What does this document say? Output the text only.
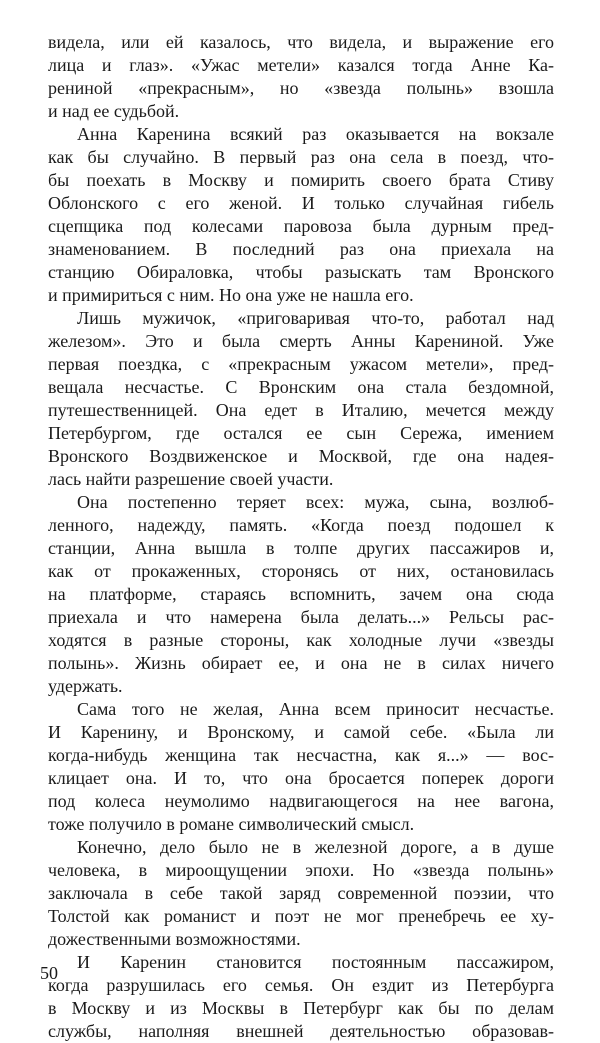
видела, или ей казалось, что видела, и выражение его
лица и глаз». «Ужас метели» казался тогда Анне Ка-
рениной «прекрасным», но «звезда полынь» взошла
и над ее судьбой.
Анна Каренина всякий раз оказывается на вокзале
как бы случайно. В первый раз она села в поезд, что-
бы поехать в Москву и помирить своего брата Стиву
Облонского с его женой. И только случайная гибель
сцепщика под колесами паровоза была дурным пред-
знаменованием. В последний раз она приехала на
станцию Обираловка, чтобы разыскать там Вронского
и примириться с ним. Но она уже не нашла его.
Лишь мужичок, «приговаривая что-то, работал над
железом». Это и была смерть Анны Карениной. Уже
первая поездка, с «прекрасным ужасом метели», пред-
вещала несчастье. С Вронским она стала бездомной,
путешественницей. Она едет в Италию, мечется между
Петербургом, где остался ее сын Сережа, имением
Вронского Воздвиженское и Москвой, где она надея-
лась найти разрешение своей участи.
Она постепенно теряет всех: мужа, сына, возлюб-
ленного, надежду, память. «Когда поезд подошел к
станции, Анна вышла в толпе других пассажиров и,
как от прокаженных, сторонясь от них, остановилась
на платформе, стараясь вспомнить, зачем она сюда
приехала и что намерена была делать...» Рельсы рас-
ходятся в разные стороны, как холодные лучи «звезды
полынь». Жизнь обирает ее, и она не в силах ничего
удержать.
Сама того не желая, Анна всем приносит несчастье.
И Каренину, и Вронскому, и самой себе. «Была ли
когда-нибудь женщина так несчастна, как я...» — вос-
клицает она. И то, что она бросается поперек дороги
под колеса неумолимо надвигающегося на нее вагона,
тоже получило в романе символический смысл.
Конечно, дело было не в железной дороге, а в душе
человека, в мироощущении эпохи. Но «звезда полынь»
заключала в себе такой заряд современной поэзии, что
Толстой как романист и поэт не мог пренебречь ее ху-
дожественными возможностями.
И Каренин становится постоянным пассажиром,
когда разрушилась его семья. Он ездит из Петербурга
в Москву и из Москвы в Петербург как бы по делам
службы, наполняя внешней деятельностью образовав-
50
